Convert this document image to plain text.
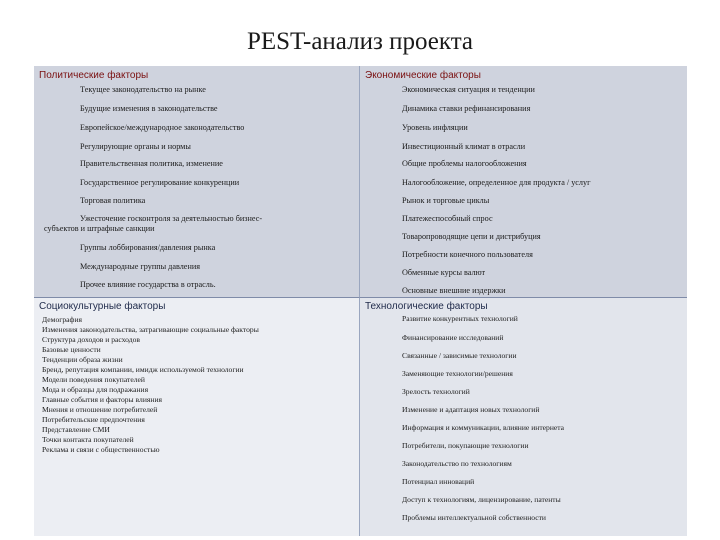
PEST-анализ проекта
Политические факторы
Текущее законодательство на рынке
Будущие изменения в законодательстве
Европейское/международное законодательство
Регулирующие органы и нормы
Правительственная политика, изменение
Государственное регулирование конкуренции
Торговая политика
Ужесточение госконтроля за деятельностью бизнес-
субъектов и штрафные санкции
Группы лоббирования/давления рынка
Международные группы давления
Прочее влияние государства в отрасль.
Экономические факторы
Экономическая ситуация и тенденции
Динамика ставки рефинансирования
Уровень инфляции
Инвестиционный климат в отрасли
Общие проблемы налогообложения
Налогообложение, определенное для продукта / услуг
Рынок и торговые циклы
Платежеспособный спрос
Товаропроводящие цепи и дистрибуция
Потребности конечного пользователя
Обменные курсы валют
Основные внешние издержки
Социокультурные факторы
Демография
Изменения законодательства, затрагивающие социальные факторы
Структура доходов и расходов
Базовые ценности
Тенденции образа жизни
Бренд, репутация компании, имидж используемой технологии
Модели поведения покупателей
Мода и образцы для подражания
Главные события и факторы влияния
Мнения и отношение потребителей
Потребительские предпочтения
Представление СМИ
Точки контакта покупателей
Реклама и связи с общественностью
Технологические факторы
Развитие конкурентных технологий
Финансирование исследований
Связанные / зависимые технологии
Заменяющие технологии/решения
Зрелость технологий
Изменение и адаптация новых технологий
Информация и коммуникации, влияние интернета
Потребители, покупающие технологии
Законодательство по технологиям
Потенциал инноваций
Доступ к технологиям, лицензирование, патенты
Проблемы интеллектуальной собственности
